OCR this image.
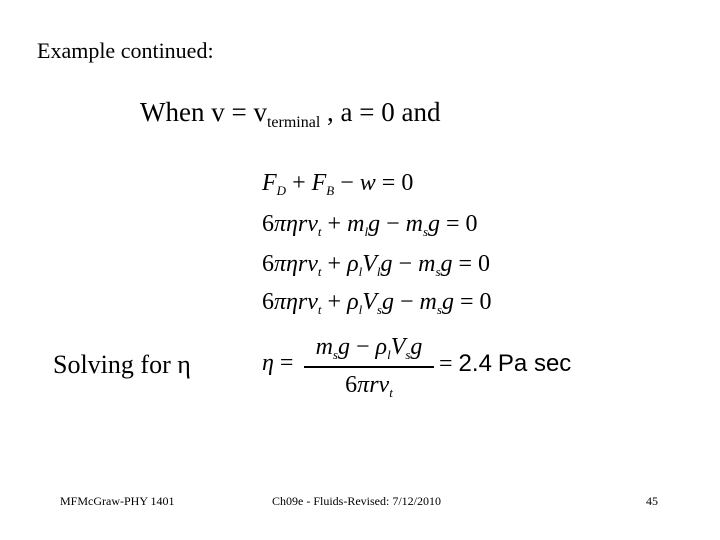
Example continued:
When $v = v_{terminal}$ , a = 0 and
$F_D + F_B - w = 0$
$6\pi\eta rv_t + m_lg - m_sg = 0$
$6\pi\eta rv_t + \rho_lV_lg - m_sg = 0$
$6\pi\eta rv_t + \rho_lV_sg - m_sg = 0$
Solving for η	η =
$m_sg - \rho_lV_sg$
6πrv$_t$
= 2.4 Pa sec
MFMcGraw-PHY 1401	Ch09e - Fluids-Revised: 7/12/2010	45
